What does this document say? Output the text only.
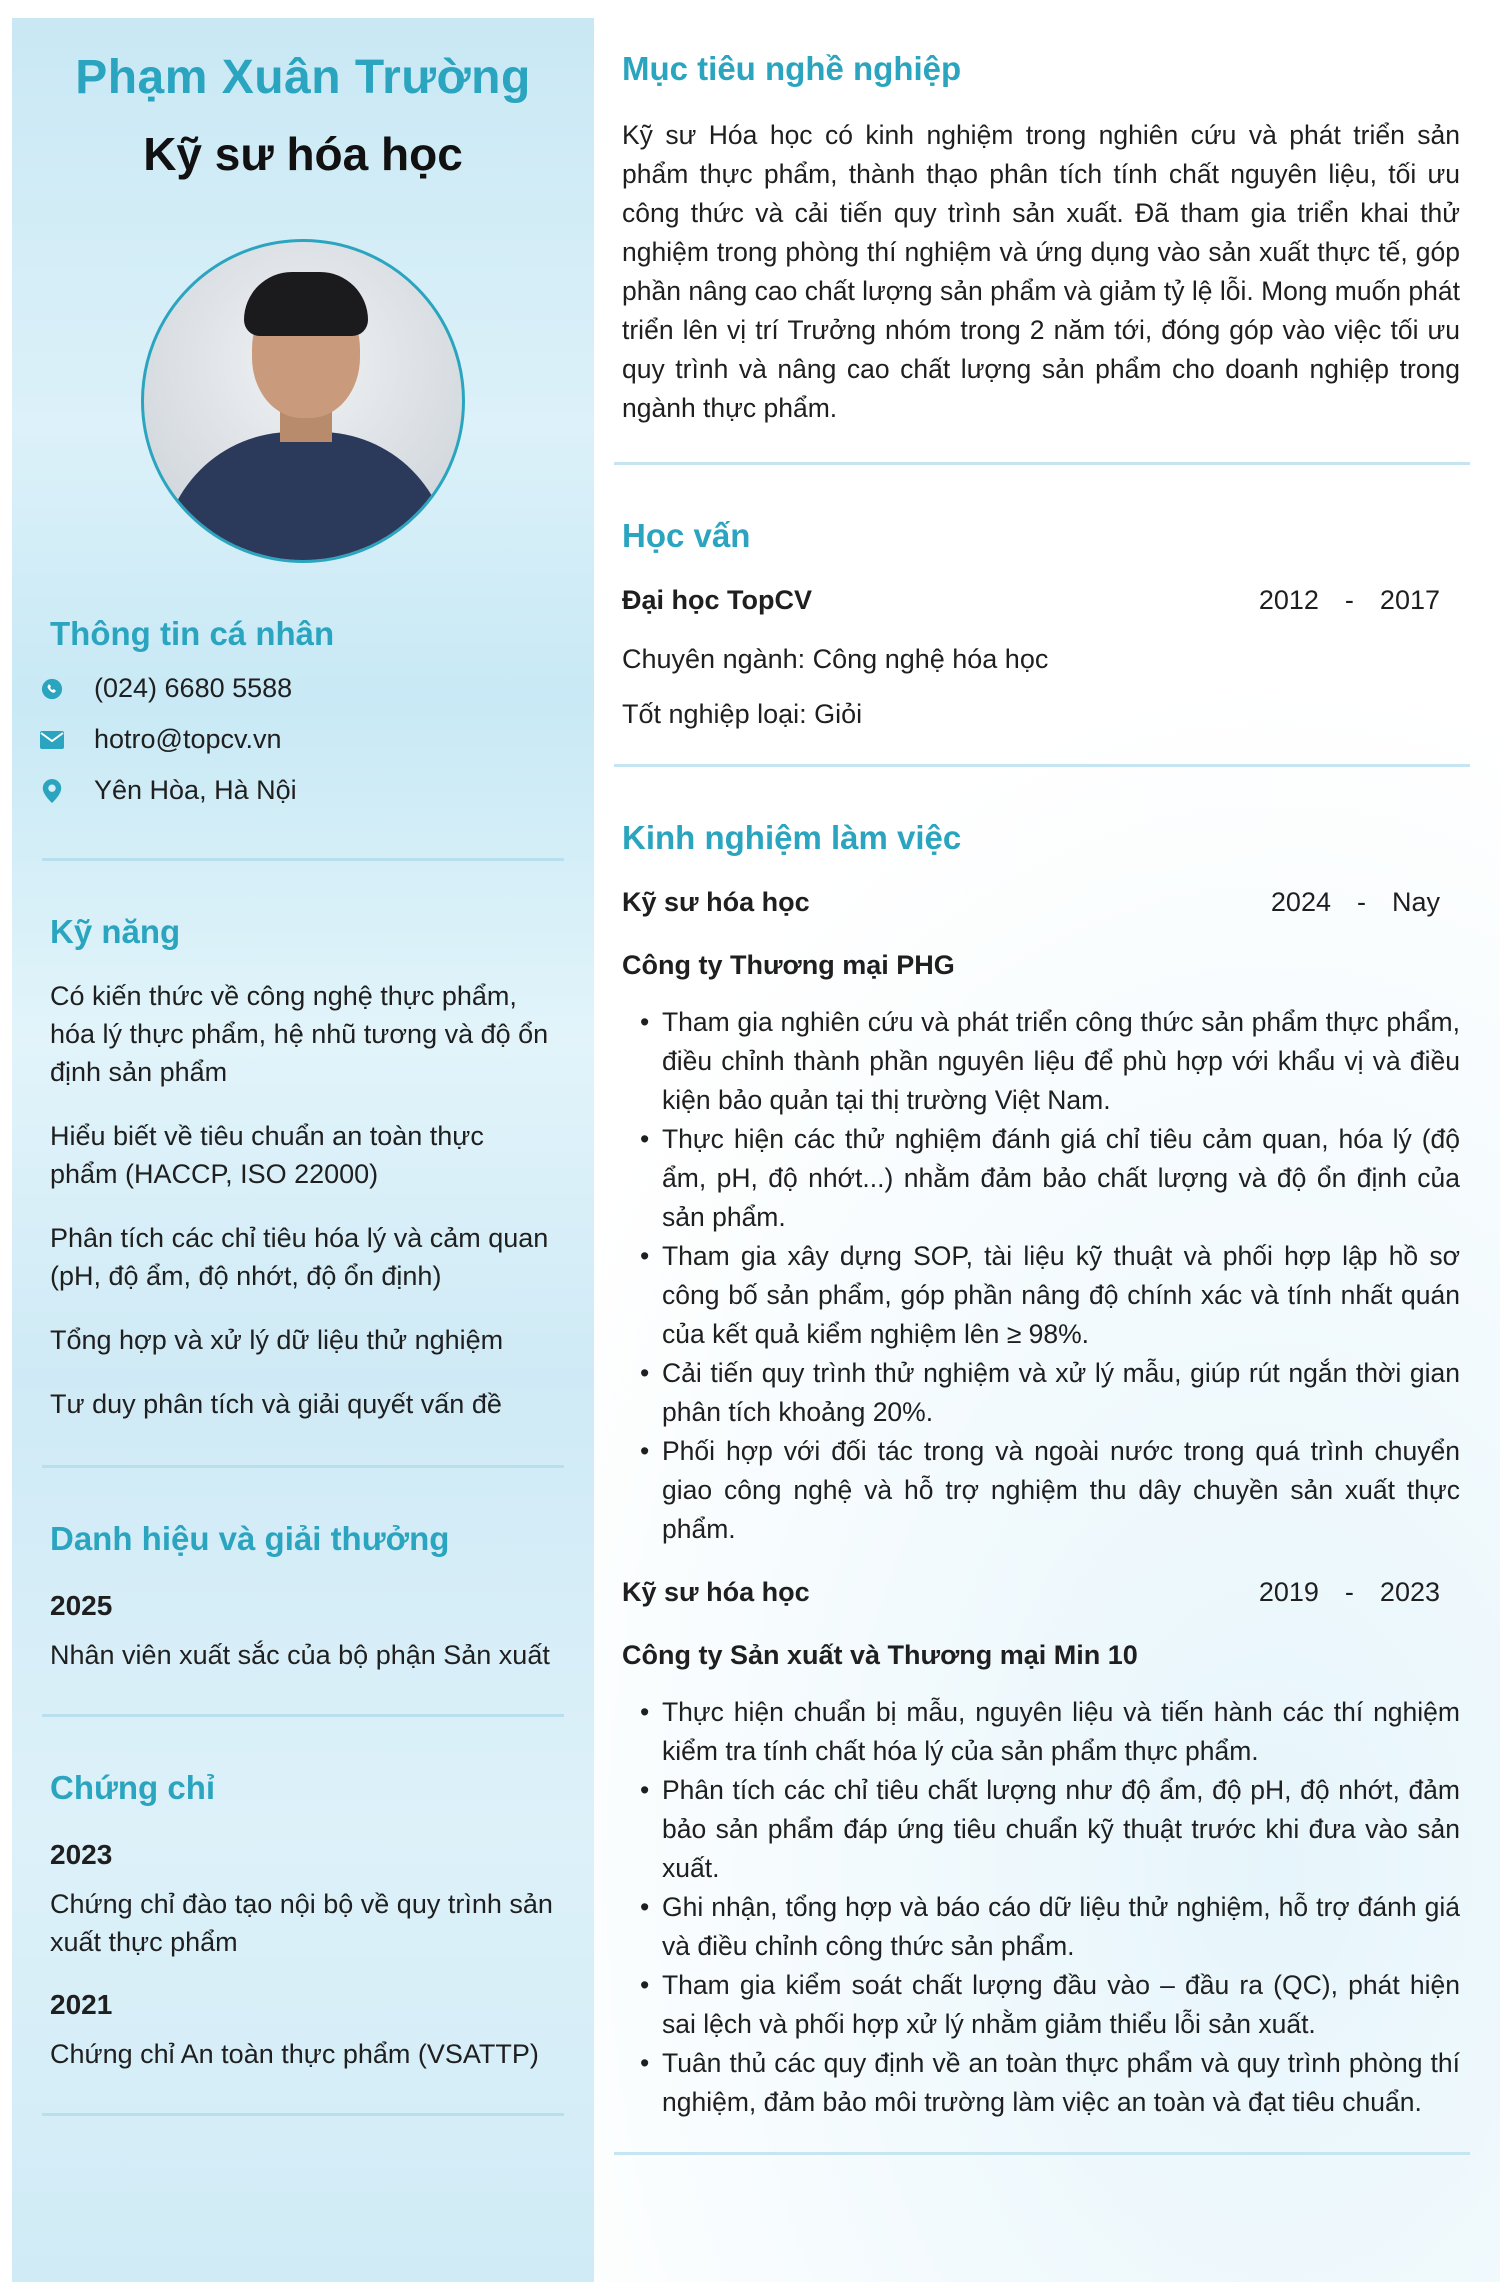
Phạm Xuân Trường
Kỹ sư hóa học
Thông tin cá nhân
(024) 6680 5588
hotro@topcv.vn
Yên Hòa, Hà Nội
Kỹ năng
Có kiến thức về công nghệ thực phẩm, hóa lý thực phẩm, hệ nhũ tương và độ ổn định sản phẩm
Hiểu biết về tiêu chuẩn an toàn thực phẩm (HACCP, ISO 22000)
Phân tích các chỉ tiêu hóa lý và cảm quan (pH, độ ẩm, độ nhớt, độ ổn định)
Tổng hợp và xử lý dữ liệu thử nghiệm
Tư duy phân tích và giải quyết vấn đề
Danh hiệu và giải thưởng
2025
Nhân viên xuất sắc của bộ phận Sản xuất
Chứng chỉ
2023
Chứng chỉ đào tạo nội bộ về quy trình sản xuất thực phẩm
2021
Chứng chỉ An toàn thực phẩm (VSATTP)
Mục tiêu nghề nghiệp

Kỹ sư Hóa học có kinh nghiệm trong nghiên cứu và phát triển sản phẩm thực phẩm, thành thạo phân tích tính chất nguyên liệu, tối ưu công thức và cải tiến quy trình sản xuất. Đã tham gia triển khai thử nghiệm trong phòng thí nghiệm và ứng dụng vào sản xuất thực tế, góp phần nâng cao chất lượng sản phẩm và giảm tỷ lệ lỗi. Mong muốn phát triển lên vị trí Trưởng nhóm trong 2 năm tới, đóng góp vào việc tối ưu quy trình và nâng cao chất lượng sản phẩm cho doanh nghiệp trong ngành thực phẩm.

Học vấn
Đại học TopCV	2012 - 2017
Chuyên ngành: Công nghệ hóa học
Tốt nghiệp loại: Giỏi
Kinh nghiệm làm việc
Kỹ sư hóa học	2024 - Nay
Công ty Thương mại PHG
• Tham gia nghiên cứu và phát triển công thức sản phẩm thực phẩm, điều chỉnh thành phần nguyên liệu để phù hợp với khẩu vị và điều kiện bảo quản tại thị trường Việt Nam.
• Thực hiện các thử nghiệm đánh giá chỉ tiêu cảm quan, hóa lý (độ ẩm, pH, độ nhớt...) nhằm đảm bảo chất lượng và độ ổn định của sản phẩm.
• Tham gia xây dựng SOP, tài liệu kỹ thuật và phối hợp lập hồ sơ công bố sản phẩm, góp phần nâng độ chính xác và tính nhất quán của kết quả kiểm nghiệm lên ≥ 98%.
• Cải tiến quy trình thử nghiệm và xử lý mẫu, giúp rút ngắn thời gian phân tích khoảng 20%.
• Phối hợp với đối tác trong và ngoài nước trong quá trình chuyển giao công nghệ và hỗ trợ nghiệm thu dây chuyền sản xuất thực phẩm.
Kỹ sư hóa học	2019 - 2023
Công ty Sản xuất và Thương mại Min 10
• Thực hiện chuẩn bị mẫu, nguyên liệu và tiến hành các thí nghiệm kiểm tra tính chất hóa lý của sản phẩm thực phẩm.
• Phân tích các chỉ tiêu chất lượng như độ ẩm, độ pH, độ nhớt, đảm bảo sản phẩm đáp ứng tiêu chuẩn kỹ thuật trước khi đưa vào sản xuất.
• Ghi nhận, tổng hợp và báo cáo dữ liệu thử nghiệm, hỗ trợ đánh giá và điều chỉnh công thức sản phẩm.
• Tham gia kiểm soát chất lượng đầu vào – đầu ra (QC), phát hiện sai lệch và phối hợp xử lý nhằm giảm thiểu lỗi sản xuất.
• Tuân thủ các quy định về an toàn thực phẩm và quy trình phòng thí nghiệm, đảm bảo môi trường làm việc an toàn và đạt tiêu chuẩn.
